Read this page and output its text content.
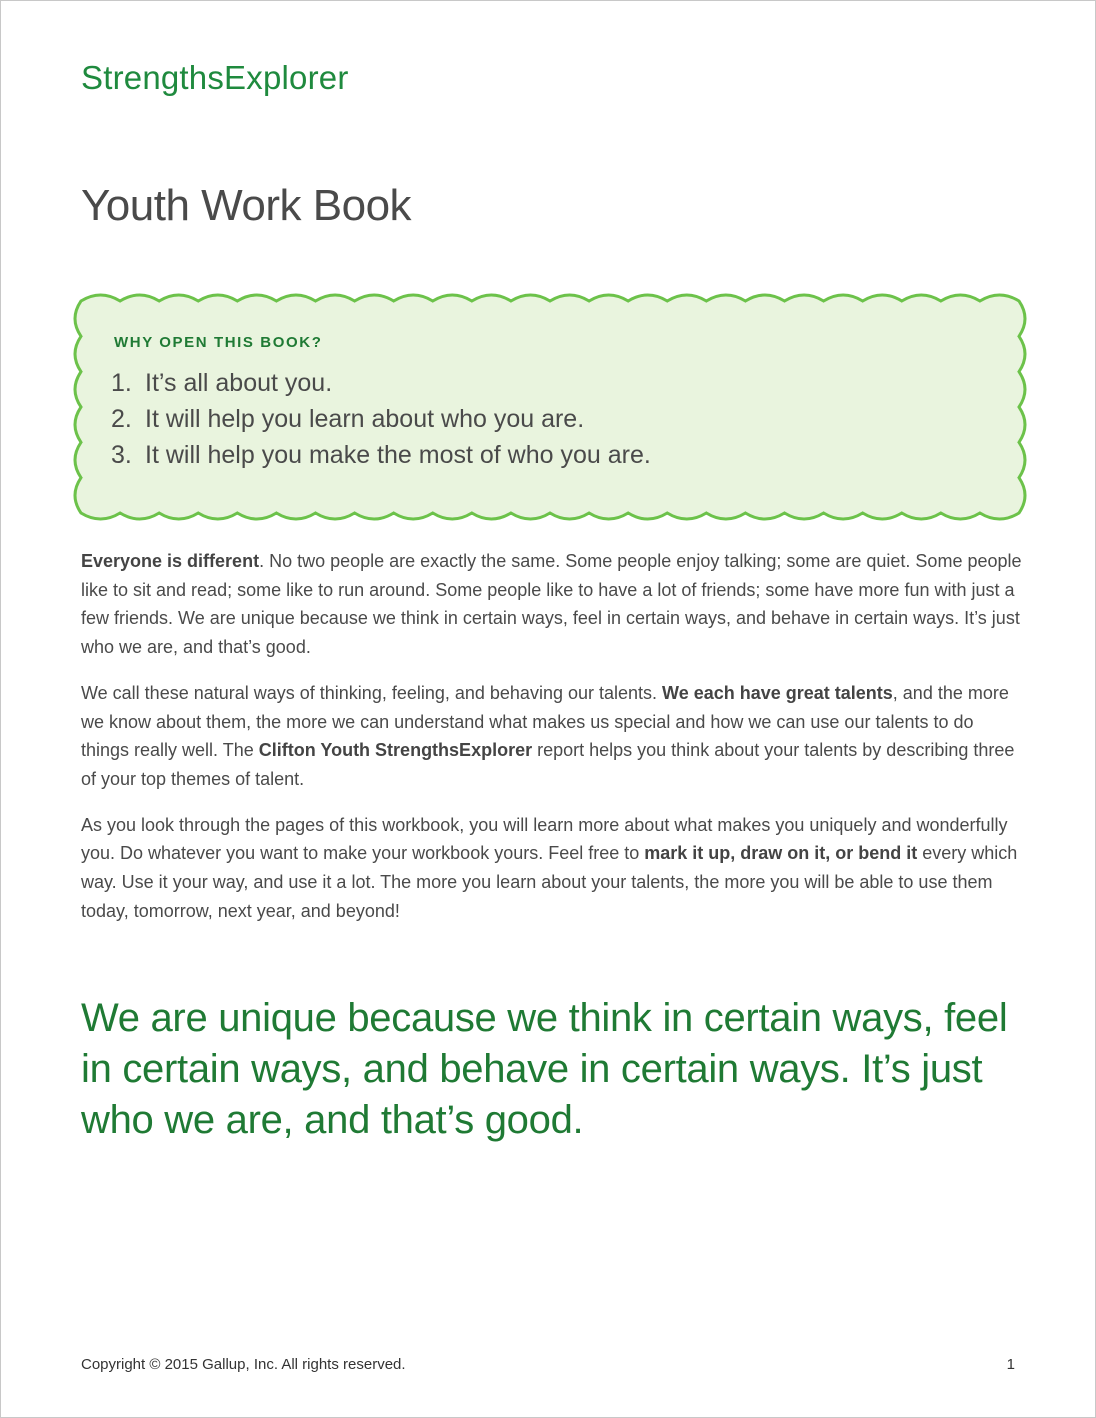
StrengthsExplorer
Youth Work Book
WHY OPEN THIS BOOK?
1. It’s all about you.
2. It will help you learn about who you are.
3. It will help you make the most of who you are.

Everyone is different. No two people are exactly the same. Some people enjoy talking; some are quiet. Some people like to sit and read; some like to run around. Some people like to have a lot of friends; some have more fun with just a few friends. We are unique because we think in certain ways, feel in certain ways, and behave in certain ways. It’s just who we are, and that’s good.

We call these natural ways of thinking, feeling, and behaving our talents. We each have great talents, and the more we know about them, the more we can understand what makes us special and how we can use our talents to do things really well. The Clifton Youth StrengthsExplorer report helps you think about your talents by describing three of your top themes of talent.

As you look through the pages of this workbook, you will learn more about what makes you uniquely and wonderfully you. Do whatever you want to make your workbook yours. Feel free to mark it up, draw on it, or bend it every which way. Use it your way, and use it a lot. The more you learn about your talents, the more you will be able to use them today, tomorrow, next year, and beyond!

We are unique because we think in certain ways, feel in certain ways, and behave in certain ways. It’s just who we are, and that’s good.
Copyright © 2015 Gallup, Inc. All rights reserved.	1
